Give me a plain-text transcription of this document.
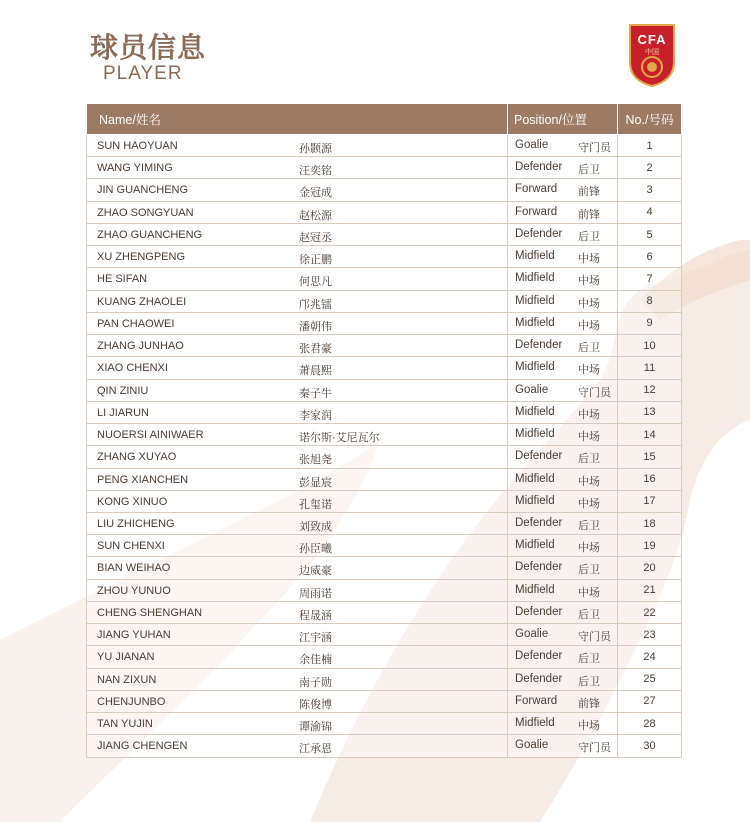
球员信息
PLAYER
CFA
中国
Name/姓名	Position/位置	No./号码

SUN HAOYUAN 孙颢源	Goalie 守门员	1

WANG YIMING 汪奕铭	Defender 后卫	2

JIN GUANCHENG 金冠成	Forward 前锋	3

ZHAO SONGYUAN 赵松源	Forward 前锋	4

ZHAO GUANCHENG 赵冠丞	Defender 后卫	5

XU ZHENGPENG 徐正鹏	Midfield 中场	6

HE SIFAN 何思凡	Midfield 中场	7

KUANG ZHAOLEI 邝兆镭	Midfield 中场	8

PAN CHAOWEI 潘朝伟	Midfield 中场	9

ZHANG JUNHAO 张君豪	Defender 后卫	10

XIAO CHENXI 萧晨熙	Midfield 中场	11

QIN ZINIU 秦子牛	Goalie 守门员	12

LI JIARUN 李家润	Midfield 中场	13

NUOERSI AINIWAER 诺尔斯·艾尼瓦尔	Midfield 中场	14

ZHANG XUYAO 张旭尧	Defender 后卫	15

PENG XIANCHEN 彭显宸	Midfield 中场	16

KONG XINUO 孔玺诺	Midfield 中场	17

LIU ZHICHENG 刘致成	Defender 后卫	18

SUN CHENXI 孙臣曦	Midfield 中场	19

BIAN WEIHAO 边威豪	Defender 后卫	20

ZHOU YUNUO 周雨诺	Midfield 中场	21

CHENG SHENGHAN 程晟涵	Defender 后卫	22

JIANG YUHAN 江宇涵	Goalie 守门员	23

YU JIANAN 余佳楠	Defender 后卫	24

NAN ZIXUN 南子勋	Defender 后卫	25

CHENJUNBO 陈俊博	Forward 前锋	27

TAN YUJIN 谭渝锦	Midfield 中场	28

JIANG CHENGEN 江承恩	Goalie 守门员	30
